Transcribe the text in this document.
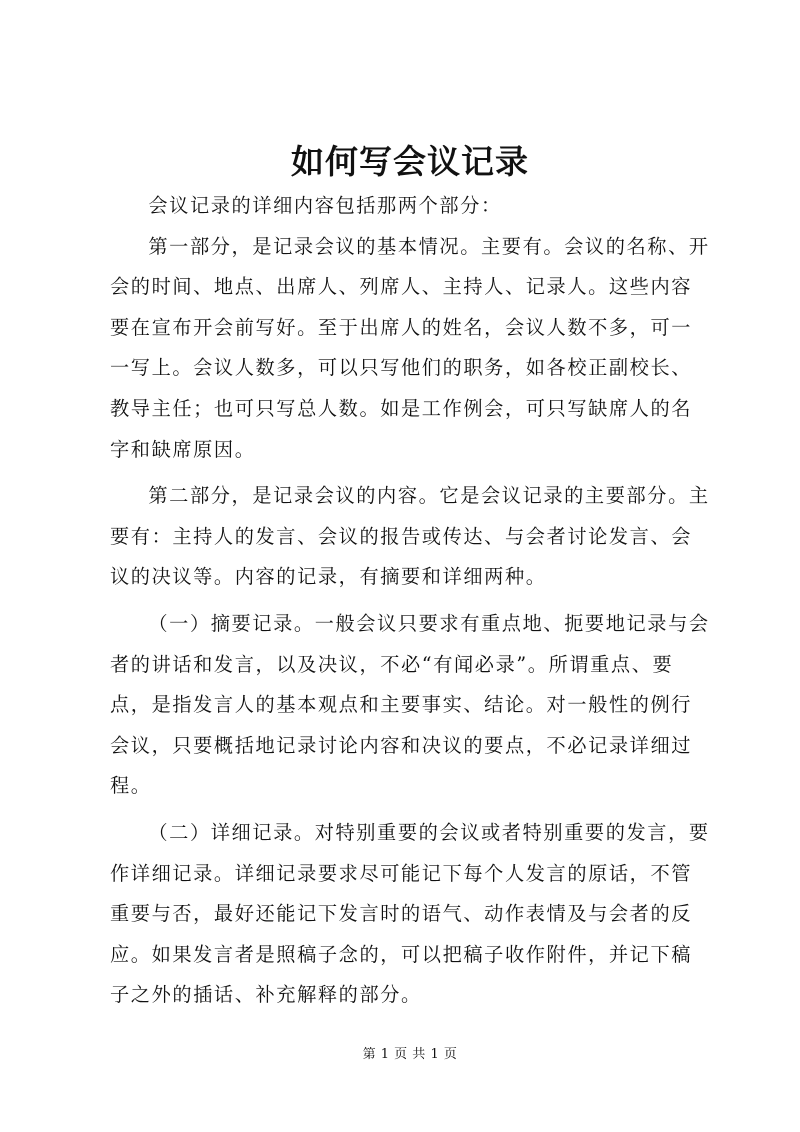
如何写会议记录

会议记录的详细内容包括那两个部分：

第一部分，是记录会议的基本情况。主要有。会议的名称、开会的时间、地点、出席人、列席人、主持人、记录人。这些内容要在宣布开会前写好。至于出席人的姓名，会议人数不多，可一一写上。会议人数多，可以只写他们的职务，如各校正副校长、教导主任；也可只写总人数。如是工作例会，可只写缺席人的名字和缺席原因。

第二部分，是记录会议的内容。它是会议记录的主要部分。主要有：主持人的发言、会议的报告或传达、与会者讨论发言、会议的决议等。内容的记录，有摘要和详细两种。

（一）摘要记录。一般会议只要求有重点地、扼要地记录与会者的讲话和发言，以及决议，不必“有闻必录”。所谓重点、要点，是指发言人的基本观点和主要事实、结论。对一般性的例行会议，只要概括地记录讨论内容和决议的要点，不必记录详细过程。

（二）详细记录。对特别重要的会议或者特别重要的发言，要作详细记录。详细记录要求尽可能记下每个人发言的原话，不管重要与否，最好还能记下发言时的语气、动作表情及与会者的反应。如果发言者是照稿子念的，可以把稿子收作附件，并记下稿子之外的插话、补充解释的部分。

第 1 页 共 1 页
